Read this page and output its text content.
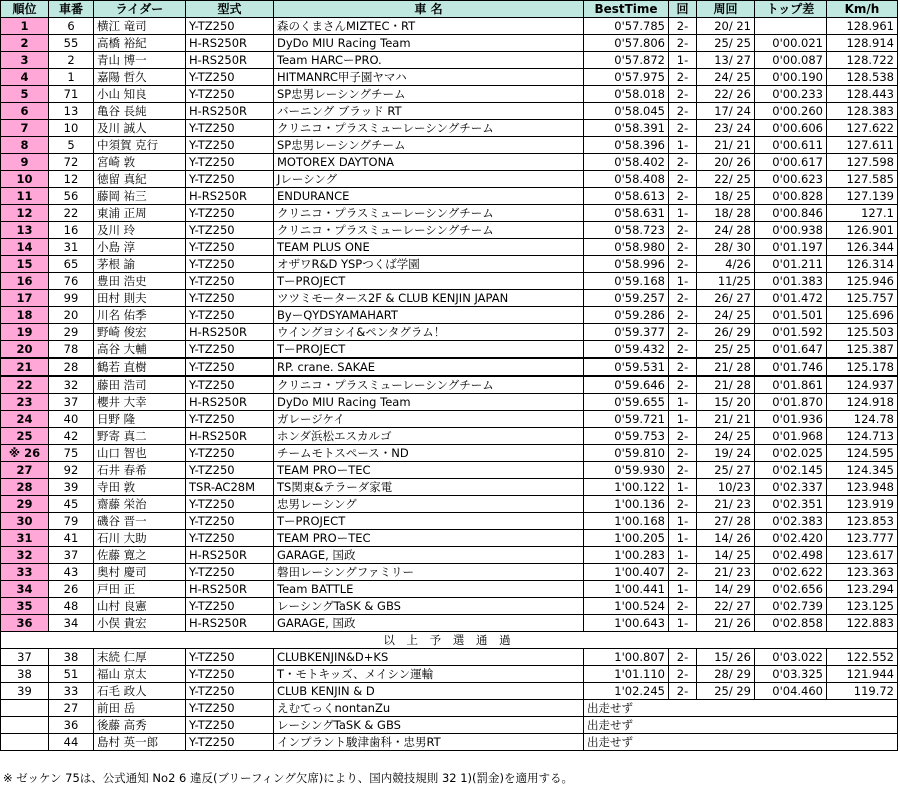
順位	車番	ライダー	型式	車 名	BestTime	回	周回	トップ差	Km/h
1	6	横江 竜司	Y-TZ250	森のくまさんMIZTEC・RT	0'57.785	2-	20/ 21		128.961
2	55	高橋 裕紀	H-RS250R	DyDo MIU Racing Team	0'57.806	2-	25/ 25	0'00.021	128.914
3	2	青山 博一	H-RS250R	Team HARCーPRO.	0'57.872	1-	13/ 27	0'00.087	128.722
4	1	嘉陽 哲久	Y-TZ250	HITMANRC甲子園ヤマハ	0'57.975	2-	24/ 25	0'00.190	128.538
5	71	小山 知良	Y-TZ250	SP忠男レーシングチーム	0'58.018	2-	22/ 26	0'00.233	128.443
6	13	亀谷 長純	H-RS250R	バーニング ブラッド RT	0'58.045	2-	17/ 24	0'00.260	128.383
7	10	及川 誠人	Y-TZ250	クリニコ・プラスミューレーシングチーム	0'58.391	2-	23/ 24	0'00.606	127.622
8	5	中須賀 克行	Y-TZ250	SP忠男レーシングチーム	0'58.396	1-	21/ 21	0'00.611	127.611
9	72	宮崎 敦	Y-TZ250	MOTOREX DAYTONA	0'58.402	2-	20/ 26	0'00.617	127.598
10	12	徳留 真紀	Y-TZ250	Jレーシング	0'58.408	2-	22/ 25	0'00.623	127.585
11	56	藤岡 祐三	H-RS250R	ENDURANCE	0'58.613	2-	18/ 25	0'00.828	127.139
12	22	東浦 正周	Y-TZ250	クリニコ・プラスミューレーシングチーム	0'58.631	1-	18/ 28	0'00.846	127.1
13	16	及川 玲	Y-TZ250	クリニコ・プラスミューレーシングチーム	0'58.723	2-	24/ 28	0'00.938	126.901
14	31	小島 淳	Y-TZ250	TEAM PLUS ONE	0'58.980	2-	28/ 30	0'01.197	126.344
15	65	茅根 諭	Y-TZ250	オザワR&D YSPつくば学園	0'58.996	2-	4/26	0'01.211	126.314
16	76	豊田 浩史	Y-TZ250	TーPROJECT	0'59.168	1-	11/25	0'01.383	125.946
17	99	田村 則夫	Y-TZ250	ツツミモータース2F & CLUB KENJIN JAPAN	0'59.257	2-	26/ 27	0'01.472	125.757
18	20	川名 佑季	Y-TZ250	ByーQYDSYAMAHART	0'59.286	2-	24/ 25	0'01.501	125.696
19	29	野崎 俊宏	H-RS250R	ウイングヨシイ&ペンタグラム！	0'59.377	2-	26/ 29	0'01.592	125.503
20	78	高谷 大輔	Y-TZ250	TーPROJECT	0'59.432	2-	25/ 25	0'01.647	125.387
21	28	鶴若 直樹	Y-TZ250	RP. crane. SAKAE	0'59.531	2-	21/ 28	0'01.746	125.178
22	32	藤田 浩司	Y-TZ250	クリニコ・プラスミューレーシングチーム	0'59.646	2-	21/ 28	0'01.861	124.937
23	37	櫻井 大幸	H-RS250R	DyDo MIU Racing Team	0'59.655	1-	15/ 20	0'01.870	124.918
24	40	日野 隆	Y-TZ250	ガレージケイ	0'59.721	1-	21/ 21	0'01.936	124.78
25	42	野寄 真二	H-RS250R	ホンダ浜松エスカルゴ	0'59.753	2-	24/ 25	0'01.968	124.713
※ 26	75	山口 智也	Y-TZ250	チームモトスペース・ND	0'59.810	2-	19/ 24	0'02.025	124.595
27	92	石井 春希	Y-TZ250	TEAM PROーTEC	0'59.930	2-	25/ 27	0'02.145	124.345
28	39	寺田 敦	TSR-AC28M	TS関東&テラーダ家電	1'00.122	1-	10/23	0'02.337	123.948
29	45	齋藤 栄治	Y-TZ250	忠男レーシング	1'00.136	2-	21/ 23	0'02.351	123.919
30	79	磯谷 晋一	Y-TZ250	TーPROJECT	1'00.168	1-	27/ 28	0'02.383	123.853
31	41	石川 大助	Y-TZ250	TEAM PROーTEC	1'00.205	1-	14/ 26	0'02.420	123.777
32	37	佐藤 寛之	H-RS250R	GARAGE, 国政	1'00.283	1-	14/ 25	0'02.498	123.617
33	43	奥村 慶司	Y-TZ250	磐田レーシングファミリー	1'00.407	2-	21/ 23	0'02.622	123.363
34	26	戸田 正	H-RS250R	Team BATTLE	1'00.441	1-	14/ 29	0'02.656	123.294
35	48	山村 良憲	Y-TZ250	レーシングTaSK & GBS	1'00.524	2-	22/ 27	0'02.739	123.125
36	34	小俣 貴宏	H-RS250R	GARAGE, 国政	1'00.643	1-	21/ 26	0'02.858	122.883
以 上 予 選 通 過									
37	38	末続 仁厚	Y-TZ250	CLUBKENJIN&D+KS	1'00.807	2-	15/ 26	0'03.022	122.552
38	51	福山 京太	Y-TZ250	T・モトキッズ、メイシン運輸	1'01.110	2-	28/ 29	0'03.325	121.944
39	33	石毛 政人	Y-TZ250	CLUB KENJIN & D	1'02.245	2-	25/ 29	0'04.460	119.72
	27	前田 岳	Y-TZ250	えむてっくnontanZu	出走せず				
	36	後藤 高秀	Y-TZ250	レーシングTaSK & GBS	出走せず				
	44	島村 英一郎	Y-TZ250	インプラント駿津歯科・忠男RT	出走せず				
※ ゼッケン 75は、公式通知 No2 6 違反(ブリーフィング欠席)により、国内競技規則 32 1)(罰金)を適用する。
